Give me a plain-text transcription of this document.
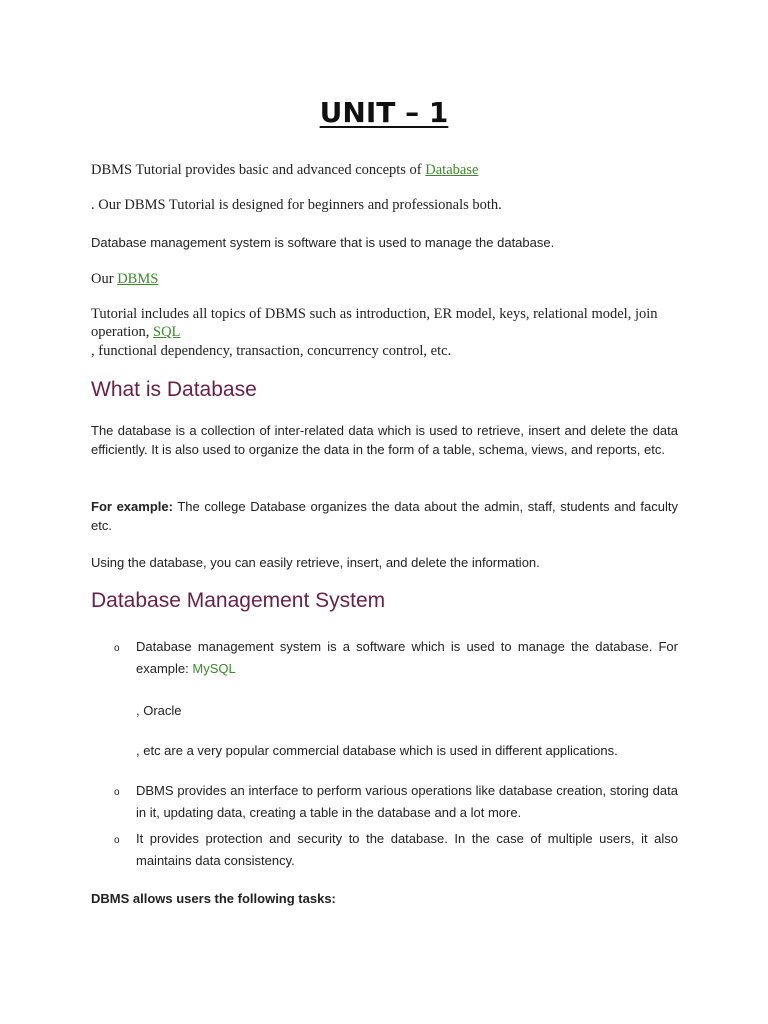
UNIT – 1

DBMS Tutorial provides basic and advanced concepts of Database

. Our DBMS Tutorial is designed for beginners and professionals both.

Database management system is software that is used to manage the database.

Our DBMS

Tutorial includes all topics of DBMS such as introduction, ER model, keys, relational model, join operation, SQL

, functional dependency, transaction, concurrency control, etc.

What is Database

The database is a collection of inter-related data which is used to retrieve, insert and delete the data efficiently. It is also used to organize the data in the form of a table, schema, views, and reports, etc.

For example: The college Database organizes the data about the admin, staff, students and faculty etc.

Using the database, you can easily retrieve, insert, and delete the information.

Database Management System
o Database management system is a software which is used to manage the database. For example: MySQL

, Oracle

, etc are a very popular commercial database which is used in different applications.

o DBMS provides an interface to perform various operations like database creation, storing data in it, updating data, creating a table in the database and a lot more.

o It provides protection and security to the database. In the case of multiple users, it also maintains data consistency.

DBMS allows users the following tasks:
